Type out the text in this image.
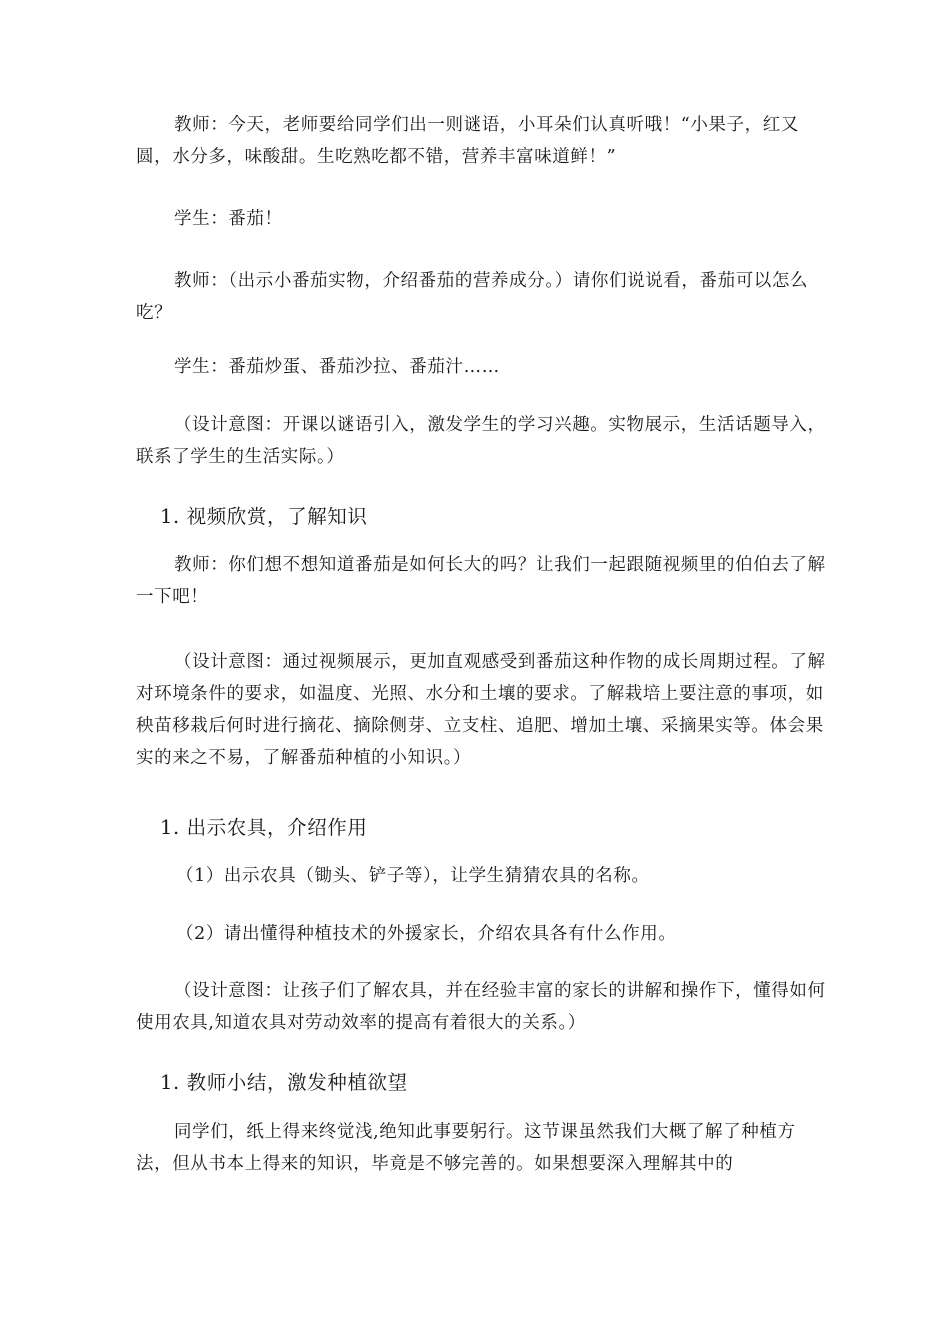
教师：今天，老师要给同学们出一则谜语，小耳朵们认真听哦！“小果子，红又圆，水分多，味酸甜。生吃熟吃都不错，营养丰富味道鲜！”

学生：番茄！

教师：（出示小番茄实物，介绍番茄的营养成分。）请你们说说看，番茄可以怎么吃？

学生：番茄炒蛋、番茄沙拉、番茄汁……

（设计意图：开课以谜语引入，激发学生的学习兴趣。实物展示，生活话题导入，联系了学生的生活实际。）

1. 视频欣赏，了解知识

教师：你们想不想知道番茄是如何长大的吗？让我们一起跟随视频里的伯伯去了解一下吧！

（设计意图：通过视频展示，更加直观感受到番茄这种作物的成长周期过程。了解对环境条件的要求，如温度、光照、水分和土壤的要求。了解栽培上要注意的事项，如秧苗移栽后何时进行摘花、摘除侧芽、立支柱、追肥、增加土壤、采摘果实等。体会果实的来之不易，了解番茄种植的小知识。）

1. 出示农具，介绍作用

（1）出示农具（锄头、铲子等），让学生猜猜农具的名称。

（2）请出懂得种植技术的外援家长，介绍农具各有什么作用。

（设计意图：让孩子们了解农具，并在经验丰富的家长的讲解和操作下，懂得如何使用农具,知道农具对劳动效率的提高有着很大的关系。）

1. 教师小结，激发种植欲望

同学们，纸上得来终觉浅,绝知此事要躬行。这节课虽然我们大概了解了种植方法，但从书本上得来的知识，毕竟是不够完善的。如果想要深入理解其中的
